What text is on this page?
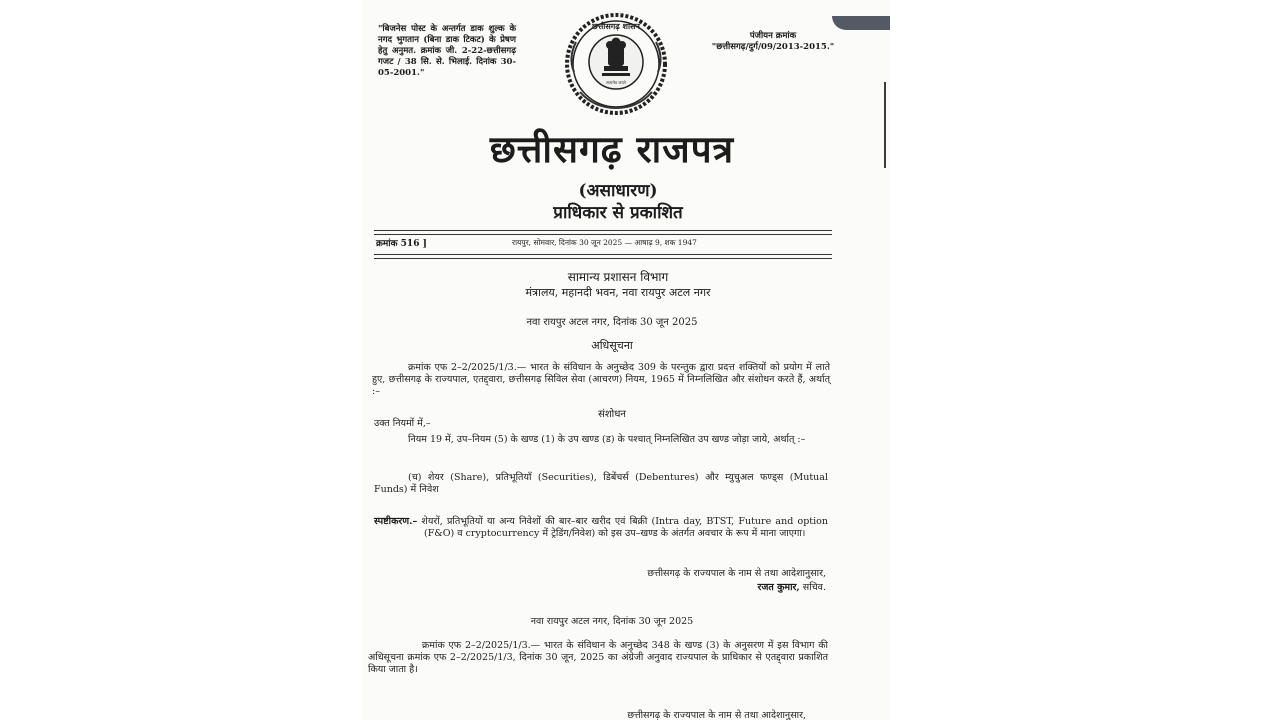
"बिजनेस पोस्ट के अन्तर्गत डाक शुल्क के नगद भुगतान (बिना डाक टिकट) के प्रेषण हेतु अनुमत. क्रमांक जी. 2-22-छत्तीसगढ़ गजट / 38 सि. से. भिलाई. दिनांक 30-05-2001."
पंजीयन क्रमांक
"छत्तीसगढ़/दुर्ग/09/2013-2015."
छत्तीसगढ़ शासन
सत्यमेव जयते
छत्तीसगढ़ राजपत्र
(असाधारण)
प्राधिकार से प्रकाशित
क्रमांक 516 ]	रायपुर, सोमवार, दिनांक 30 जून 2025 — आषाढ़ 9, शक 1947
सामान्य प्रशासन विभाग
मंत्रालय, महानदी भवन, नवा रायपुर अटल नगर
नवा रायपुर अटल नगर, दिनांक 30 जून 2025
अधिसूचना
क्रमांक एफ 2–2/2025/1/3.— भारत के संविधान के अनुच्छेद 309 के परन्तुक द्वारा प्रदत्त शक्तियों को प्रयोग में लाते हुए, छत्तीसगढ़ के राज्यपाल, एतद्द्वारा, छत्तीसगढ़ सिविल सेवा (आचरण) नियम, 1965 में निम्नलिखित और संशोधन करते हैं, अर्थात् :–
संशोधन
उक्त नियमों में,–
नियम 19 में, उप–नियम (5) के खण्ड (1) के उप खण्ड (ड) के पश्चात् निम्नलिखित उप खण्ड जोड़ा जाये, अर्थात् :–
(च) शेयर (Share), प्रतिभूतियाँ (Securities), डिबेंचर्स (Debentures) और म्युचुअल फण्ड्स (Mutual Funds) में निवेश
स्पष्टीकरण.– शेयरों, प्रतिभूतियों या अन्य निवेशों की बार–बार खरीद एवं बिक्री (Intra day, BTST, Future and option (F&O) व cryptocurrency में ट्रेडिंग/निवेश) को इस उप–खण्ड के अंतर्गत अवचार के रूप में माना जाएगा।
छत्तीसगढ़ के राज्यपाल के नाम से तथा आदेशानुसार,
रजत कुमार, सचिव.
नवा रायपुर अटल नगर, दिनांक 30 जून 2025
क्रमांक एफ 2–2/2025/1/3.— भारत के संविधान के अनुच्छेद 348 के खण्ड (3) के अनुसरण में इस विभाग की अधिसूचना क्रमांक एफ 2–2/2025/1/3, दिनांक 30 जून, 2025 का अंग्रेजी अनुवाद राज्यपाल के प्राधिकार से एतद्द्वारा प्रकाशित किया जाता है।
छत्तीसगढ़ के राज्यपाल के नाम से तथा आदेशानुसार,
